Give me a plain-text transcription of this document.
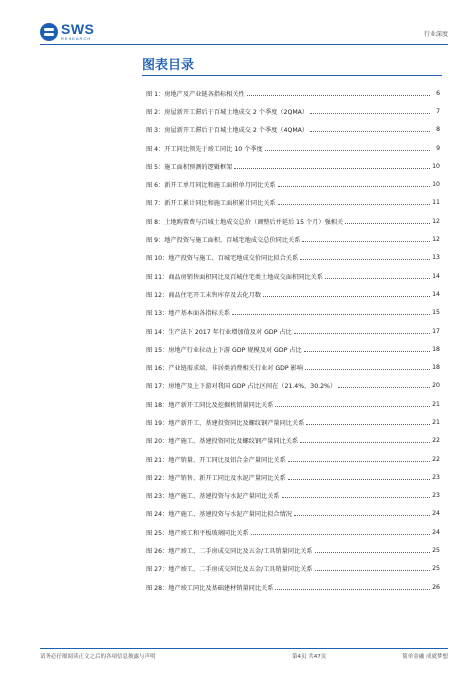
SWS
RESEARCH
行业深度
图表目录
图 1：房地产及产业链各指标相关性	6
图 2：房屋新开工滞后于百城土地成交 2 个季度（2QMA）	7
图 3：房屋新开工滞后于百城土地成交 2 个季度（4QMA）	8
图 4：开工同比领先于竣工同比 10 个季度	9
图 5：施工面积预测的逻辑框架	10
图 6：新开工单月同比和施工面积单月同比关系	10
图 7：新开工累计同比和施工面积累计同比关系	11
图 8：土地购置费与百城土地成交总价（调整后并延后 15 个月）强相关	12
图 9：地产投资与施工面积、百城宅地成交总价同比关系	12
图 10：地产投资与施工、百城宅地成交价同比拟合关系	13
图 11：商品房销售面积同比及百城住宅类土地成交面积同比关系	14
图 12：商品住宅开工未售库存及去化月数	14
图 13：地产基本面各指标关系	15
图 14：生产法下 2017 年行业增加值及对 GDP 占比	17
图 15：房地产行业拉动上下游 GDP 规模及对 GDP 占比	18
图 16：产业链需求端、非居类消费相关行业对 GDP 影响	18
图 17：房地产及上下游对我国 GDP 占比区间在（21.4%，30.2%）	20
图 18：地产新开工同比及挖掘机销量同比关系	21
图 19：地产新开工、基建投资同比及螺纹钢产量同比关系	21
图 20：地产施工、基建投资同比及螺纹钢产量同比关系	22
图 21：地产销量、开工同比及铝合金产量同比关系	22
图 22：地产销售、新开工同比及水泥产量同比关系	23
图 23：地产施工、基建投资与水泥产量同比关系	23
图 24：地产施工、基建投资与水泥产量同比拟合情况	24
图 25：地产竣工和平板玻璃同比关系	24
图 26：地产竣工、二手房成交同比及五金/工具销量同比关系	25
图 27：地产竣工、二手房成交同比及五金/工具销量同比关系	25
图 28：地产竣工同比及基础建材销量同比关系	26
请务必仔细阅读正文之后的各项信息披露与声明	第4页 共47页	简单金融 成就梦想
